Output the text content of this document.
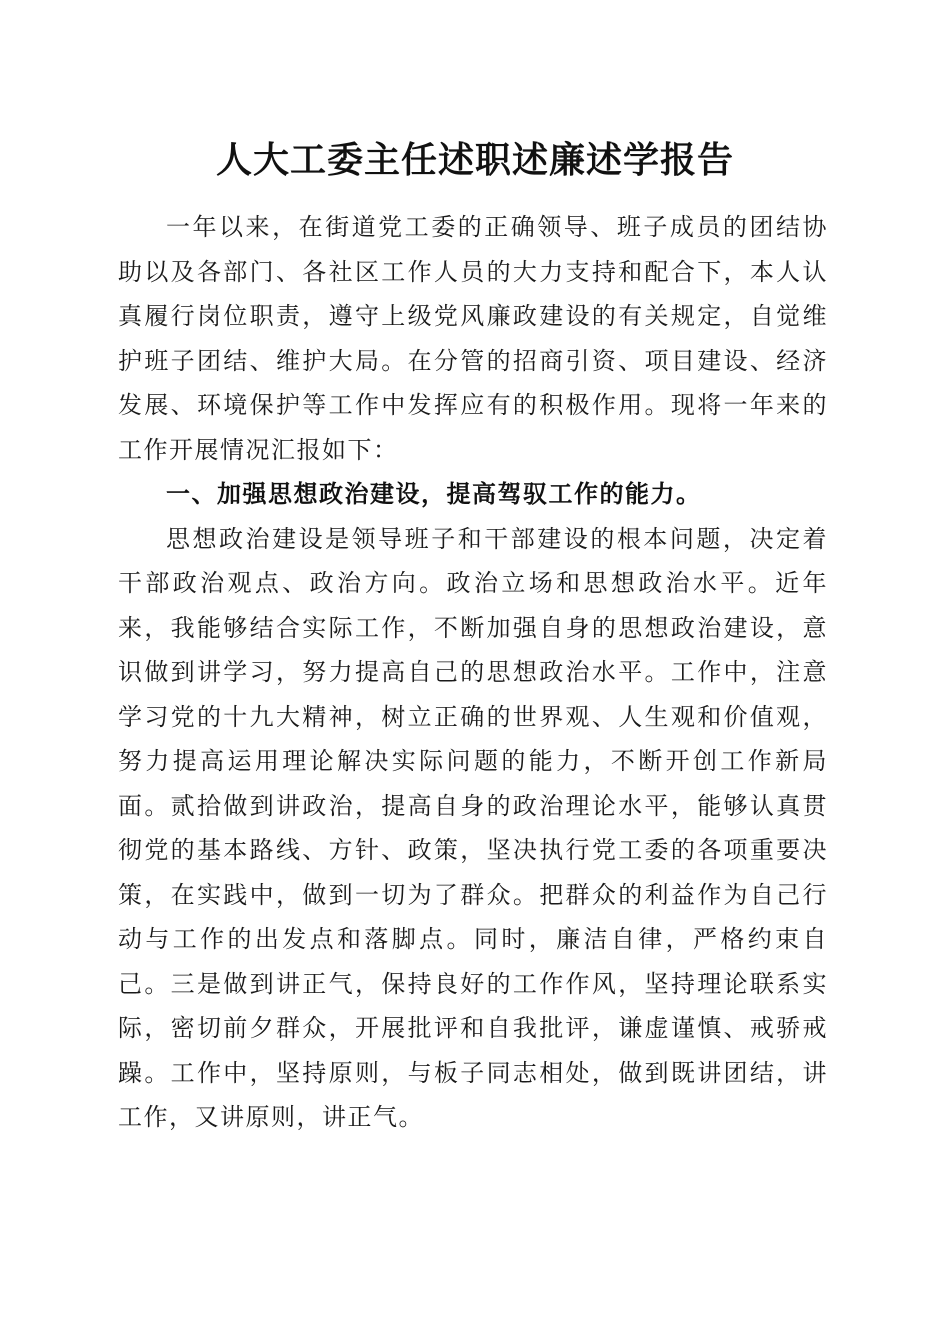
人大工委主任述职述廉述学报告

一年以来，在街道党工委的正确领导、班子成员的团结协助以及各部门、各社区工作人员的大力支持和配合下，本人认真履行岗位职责，遵守上级党风廉政建设的有关规定，自觉维护班子团结、维护大局。在分管的招商引资、项目建设、经济发展、环境保护等工作中发挥应有的积极作用。现将一年来的工作开展情况汇报如下：

一、加强思想政治建设，提高驾驭工作的能力。

思想政治建设是领导班子和干部建设的根本问题，决定着干部政治观点、政治方向。政治立场和思想政治水平。近年来，我能够结合实际工作，不断加强自身的思想政治建设，意识做到讲学习，努力提高自己的思想政治水平。工作中，注意学习党的十九大精神，树立正确的世界观、人生观和价值观，努力提高运用理论解决实际问题的能力，不断开创工作新局面。贰拾做到讲政治，提高自身的政治理论水平，能够认真贯彻党的基本路线、方针、政策，坚决执行党工委的各项重要决策，在实践中，做到一切为了群众。把群众的利益作为自己行动与工作的出发点和落脚点。同时，廉洁自律，严格约束自己。三是做到讲正气，保持良好的工作作风，坚持理论联系实际，密切前夕群众，开展批评和自我批评，谦虚谨慎、戒骄戒躁。工作中，坚持原则，与板子同志相处，做到既讲团结，讲工作，又讲原则，讲正气。
